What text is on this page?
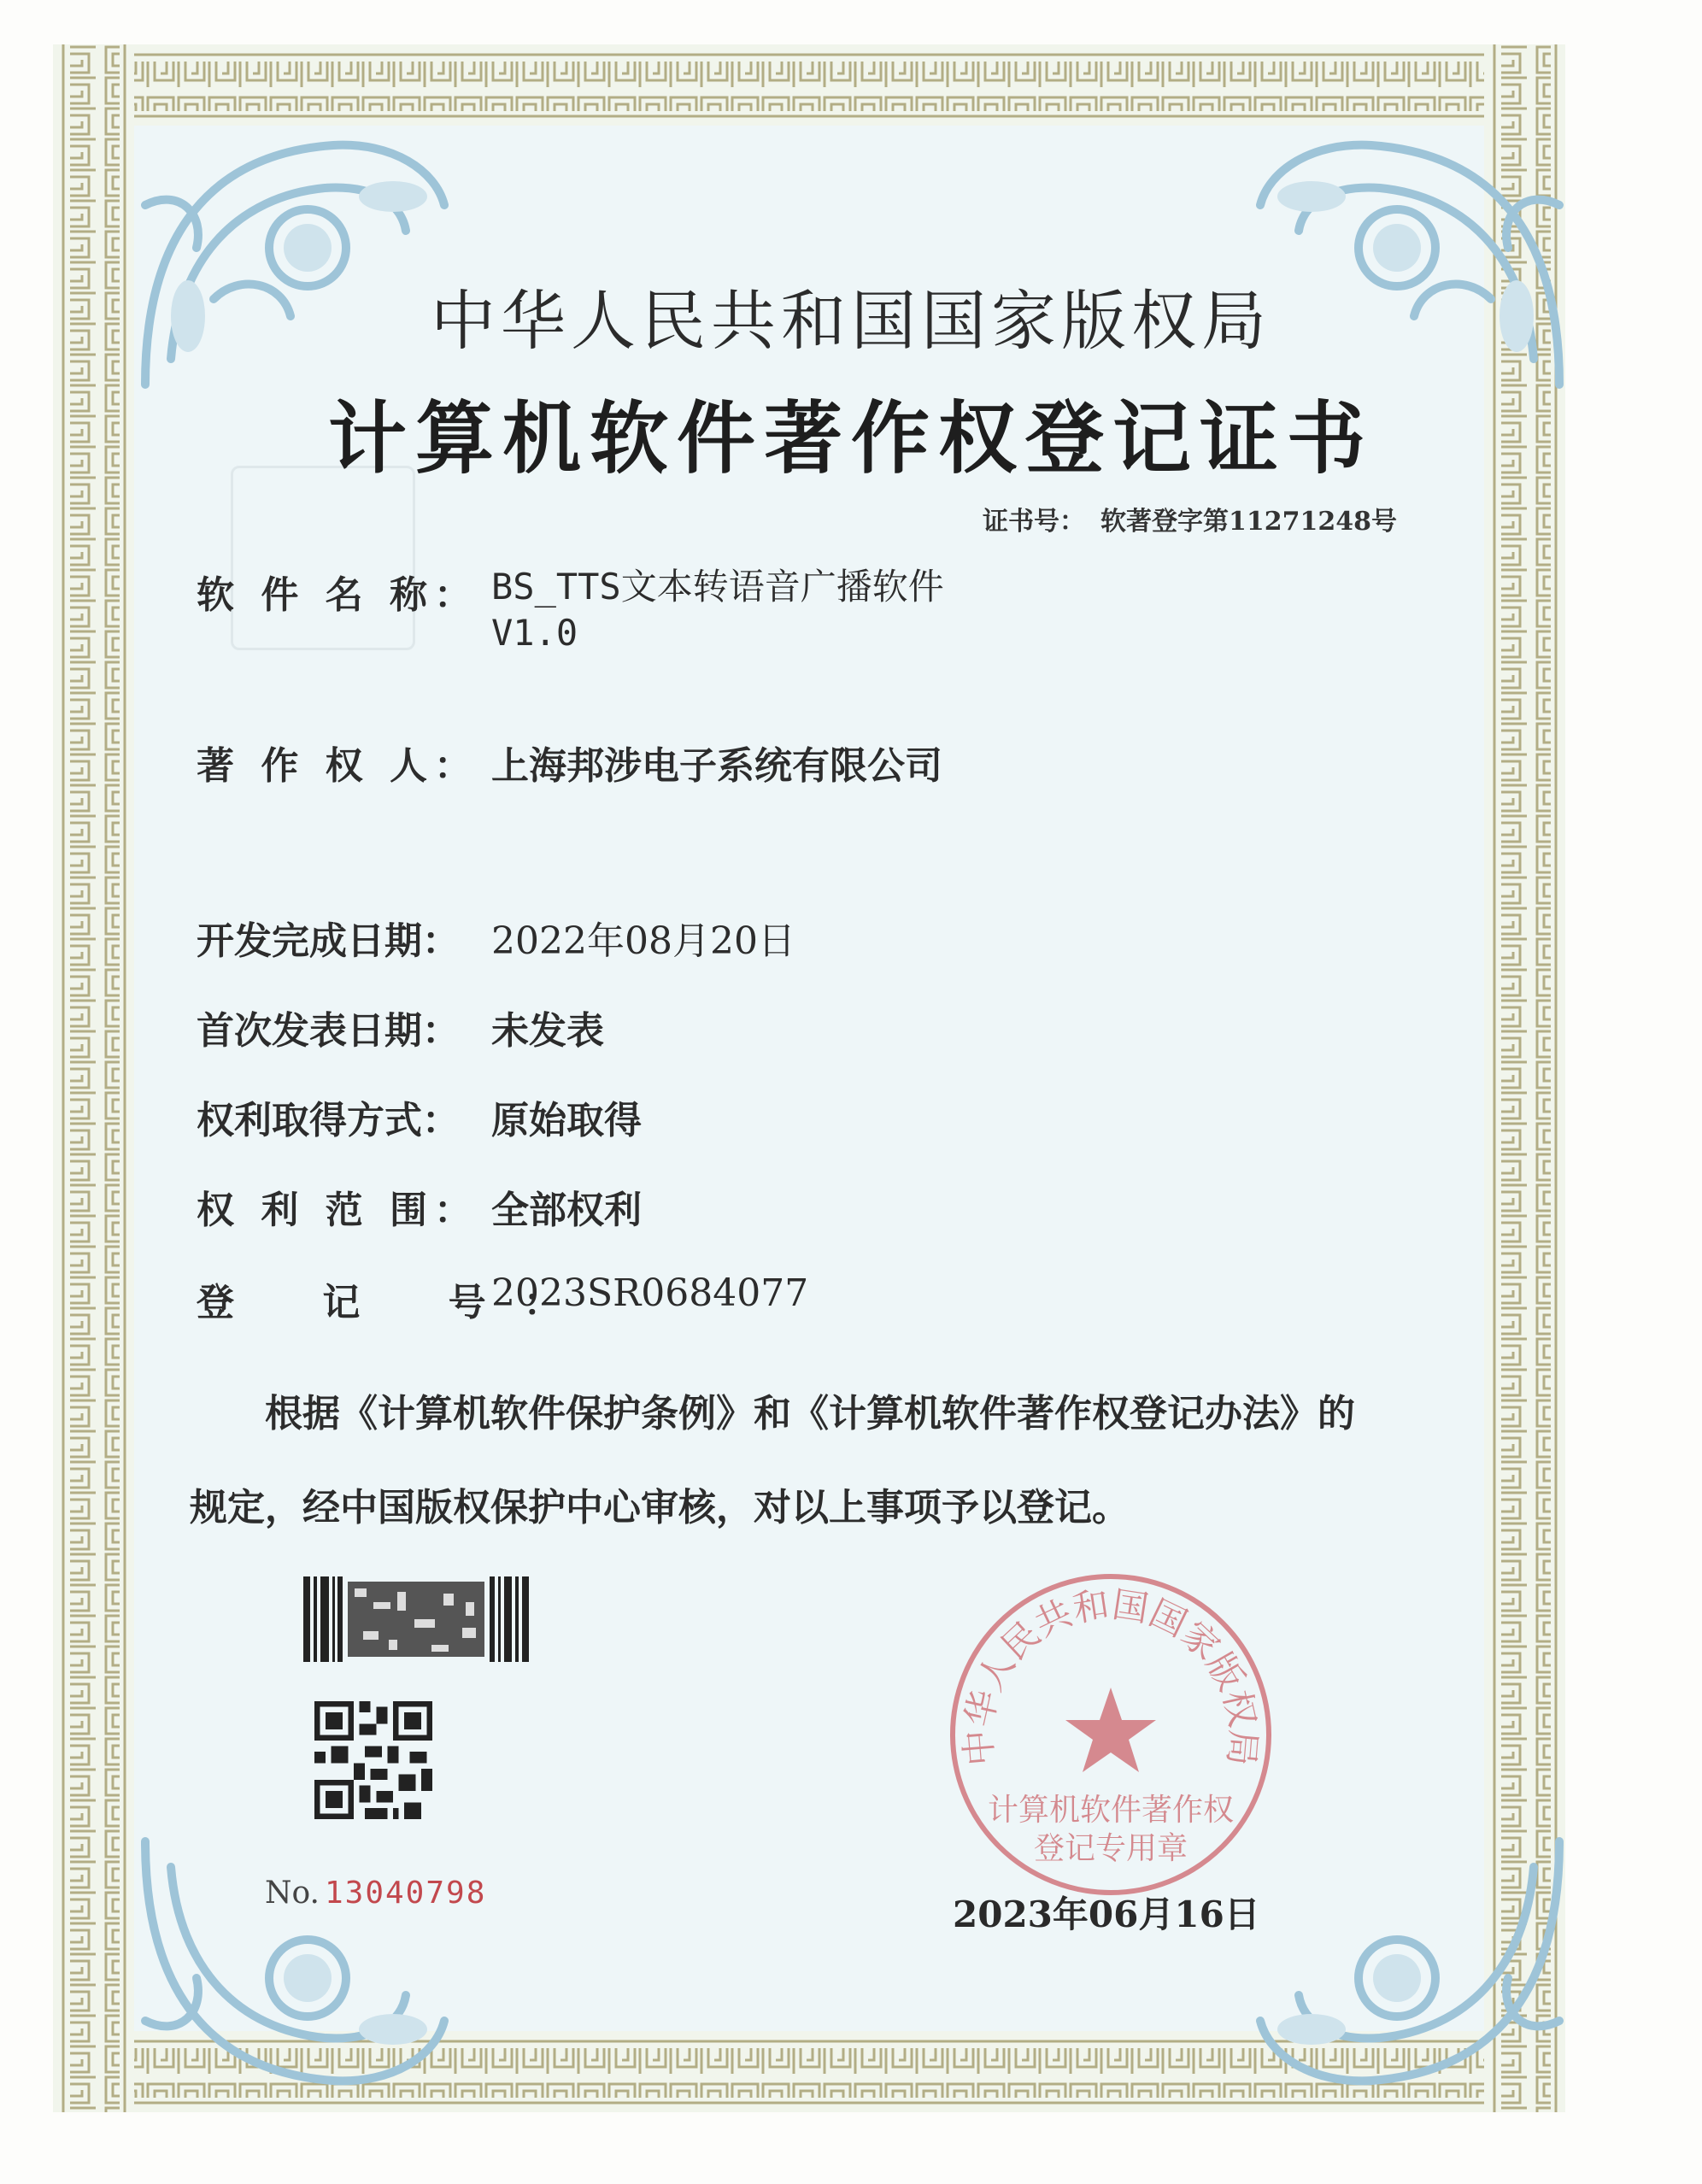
中华人民共和国国家版权局
计算机软件著作权登记证书
证书号： 软著登字第11271248号
软 件 名 称： BS_TTS文本转语音广播软件
V1.0
著 作 权 人： 上海邦涉电子系统有限公司
开发完成日期： 2022年08月20日
首次发表日期： 未发表
权利取得方式： 原始取得
权 利 范 围： 全部权利
登 记 号：2023SR0684077
根据《计算机软件保护条例》和《计算机软件著作权登记办法》的
规定，经中国版权保护中心审核，对以上事项予以登记。
No. 13040798
中华人民共和国国家版权局
计算机软件著作权
登记专用章
2023年06月16日
